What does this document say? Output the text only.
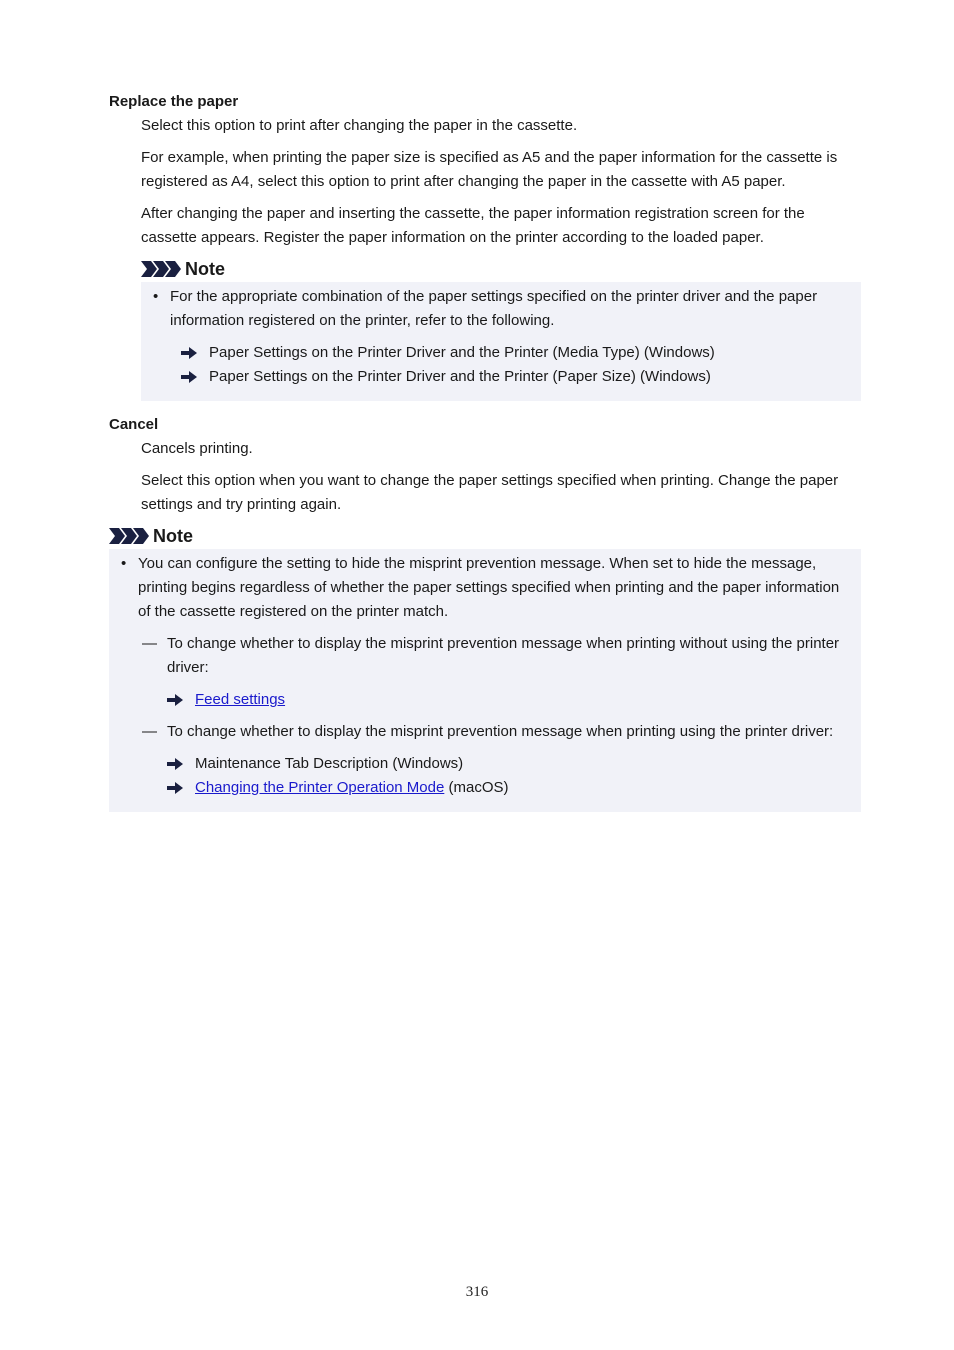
Replace the paper

Select this option to print after changing the paper in the cassette.

For example, when printing the paper size is specified as A5 and the paper information for the cassette is registered as A4, select this option to print after changing the paper in the cassette with A5 paper.

After changing the paper and inserting the cassette, the paper information registration screen for the cassette appears. Register the paper information on the printer according to the loaded paper.

Note
• For the appropriate combination of the paper settings specified on the printer driver and the paper information registered on the printer, refer to the following.
Paper Settings on the Printer Driver and the Printer (Media Type) (Windows)
Paper Settings on the Printer Driver and the Printer (Paper Size) (Windows)

Cancel

Cancels printing.

Select this option when you want to change the paper settings specified when printing. Change the paper settings and try printing again.

Note
• You can configure the setting to hide the misprint prevention message. When set to hide the message, printing begins regardless of whether the paper settings specified when printing and the paper information of the cassette registered on the printer match.
— To change whether to display the misprint prevention message when printing without using the printer driver:
Feed settings
— To change whether to display the misprint prevention message when printing using the printer driver:
Maintenance Tab Description (Windows)
Changing the Printer Operation Mode (macOS)
316
